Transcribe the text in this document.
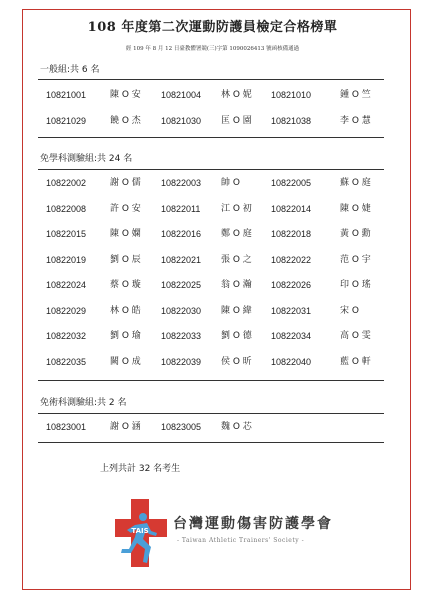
108 年度第二次運動防護員檢定合格榜單
經 109 年 8 月 12 日臺教體署競(三)字第 1090026413 號函核備通過
一般組:共 6 名
10821001	陳 O 安 10821004 林 O 妮 10821010	鍾 O 竺
10821029	饒 O 杰 10821030 匡 O 園 10821038	李 O 慧
免學科測驗組:共 24 名
10822002	謝 O 儒 10822003 帥 O	10822005	蘇 O 庭
10822008	許 O 安 10822011 江 O 初 10822014	陳 O 婕
10822015	陳 O 嫻 10822016 鄭 O 庭 10822018	黃 O 勳
10822019	劉 O 辰 10822021 張 O 之 10822022	范 O 宇
10822024	蔡 O 璇 10822025 翁 O 瀚 10822026	印 O 瑤
10822029	林 O 皓 10822030 陳 O 緯 10822031	宋 O
10822032	劉 O 瑜 10822033 劉 O 德 10822034	高 O 雯
10822035	闕 O 成 10822039 侯 O 昕 10822040	藍 O 軒
免術科測驗組:共 2 名
10823001	謝 O 涵 10823005 魏 O 芯
上列共計 32 名考生
TAIS 台灣運動傷害防護學會
- Taiwan Athletic Trainers' Society -
